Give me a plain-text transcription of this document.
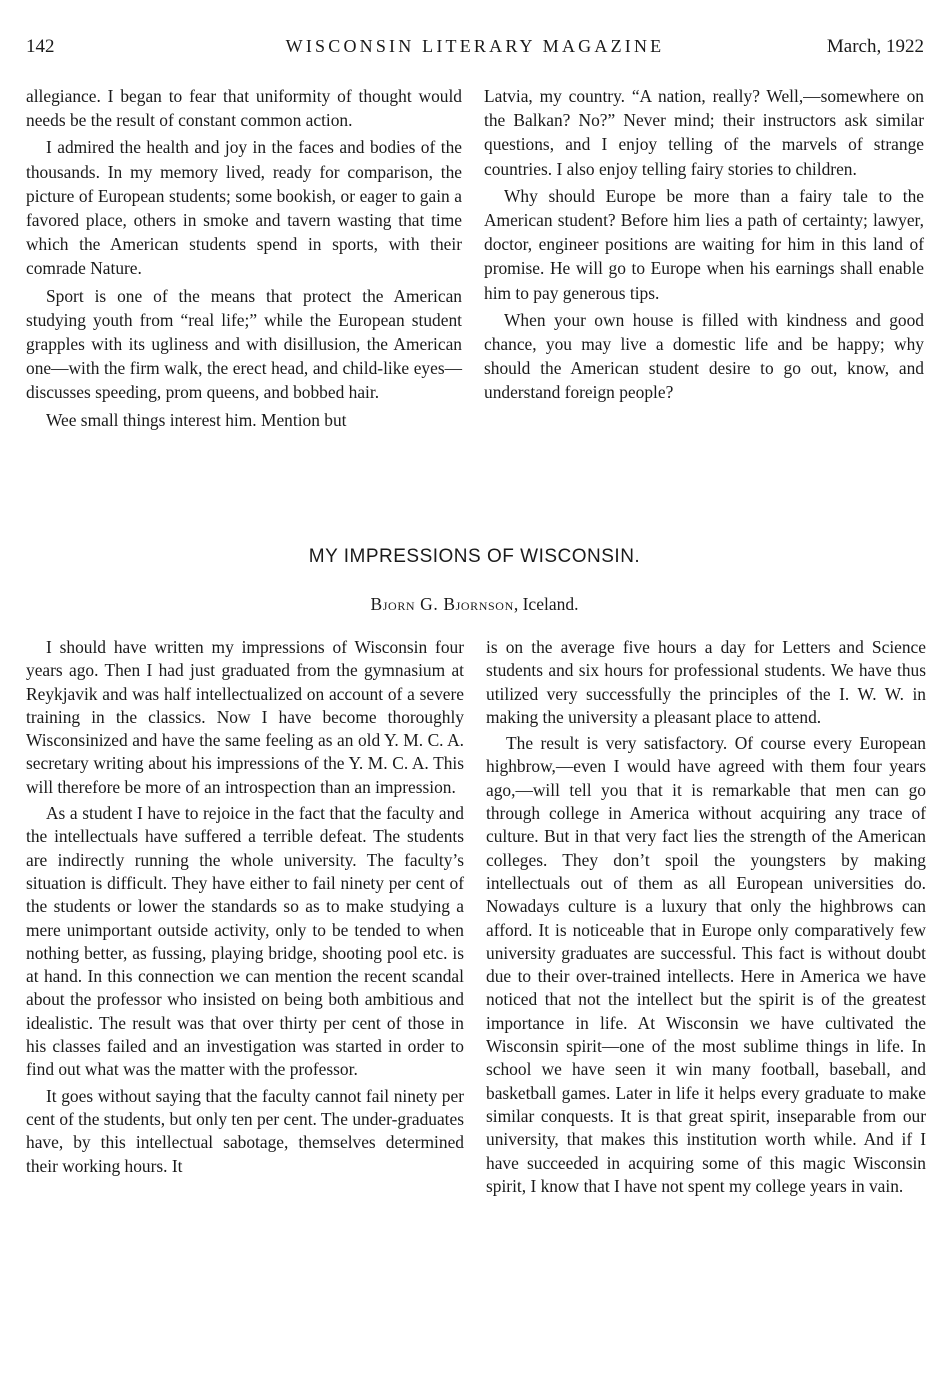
142	WISCONSIN LITERARY MAGAZINE	March, 1922

allegiance. I began to fear that uniformity of thought would needs be the result of constant common action.

I admired the health and joy in the faces and bodies of the thousands. In my memory lived, ready for comparison, the picture of European students; some bookish, or eager to gain a favored place, others in smoke and tavern wasting that time which the American students spend in sports, with their comrade Nature.

Sport is one of the means that protect the American studying youth from “real life;” while the European student grapples with its ugliness and with disillusion, the American one—with the firm walk, the erect head, and child-like eyes—discusses speeding, prom queens, and bobbed hair.

Wee small things interest him. Mention but

Latvia, my country. “A nation, really? Well,—somewhere on the Balkan? No?” Never mind; their instructors ask similar questions, and I enjoy telling of the marvels of strange countries. I also enjoy telling fairy stories to children.

Why should Europe be more than a fairy tale to the American student? Before him lies a path of certainty; lawyer, doctor, engineer positions are waiting for him in this land of promise. He will go to Europe when his earnings shall enable him to pay generous tips.

When your own house is filled with kindness and good chance, you may live a domestic life and be happy; why should the American student desire to go out, know, and understand foreign people?

MY IMPRESSIONS OF WISCONSIN.
Bjorn G. Bjornson, Iceland.

I should have written my impressions of Wisconsin four years ago. Then I had just graduated from the gymnasium at Reykjavik and was half intellectualized on account of a severe training in the classics. Now I have become thoroughly Wisconsinized and have the same feeling as an old Y. M. C. A. secretary writing about his impressions of the Y. M. C. A. This will therefore be more of an introspection than an impression.

As a student I have to rejoice in the fact that the faculty and the intellectuals have suffered a terrible defeat. The students are indirectly running the whole university. The faculty’s situation is difficult. They have either to fail ninety per cent of the students or lower the standards so as to make studying a mere unimportant outside activity, only to be tended to when nothing better, as fussing, playing bridge, shooting pool etc. is at hand. In this connection we can mention the recent scandal about the professor who insisted on being both ambitious and idealistic. The result was that over thirty per cent of those in his classes failed and an investigation was started in order to find out what was the matter with the professor.

It goes without saying that the faculty cannot fail ninety per cent of the students, but only ten per cent. The under-graduates have, by this intellectual sabotage, themselves determined their working hours. It

is on the average five hours a day for Letters and Science students and six hours for professional students. We have thus utilized very successfully the principles of the I. W. W. in making the university a pleasant place to attend.

The result is very satisfactory. Of course every European highbrow,—even I would have agreed with them four years ago,—will tell you that it is remarkable that men can go through college in America without acquiring any trace of culture. But in that very fact lies the strength of the American colleges. They don’t spoil the youngsters by making intellectuals out of them as all European universities do. Nowadays culture is a luxury that only the highbrows can afford. It is noticeable that in Europe only comparatively few university graduates are successful. This fact is without doubt due to their over-trained intellects. Here in America we have noticed that not the intellect but the spirit is of the greatest importance in life. At Wisconsin we have cultivated the Wisconsin spirit—one of the most sublime things in life. In school we have seen it win many football, baseball, and basketball games. Later in life it helps every graduate to make similar conquests. It is that great spirit, inseparable from our university, that makes this institution worth while. And if I have succeeded in acquiring some of this magic Wisconsin spirit, I know that I have not spent my college years in vain.
